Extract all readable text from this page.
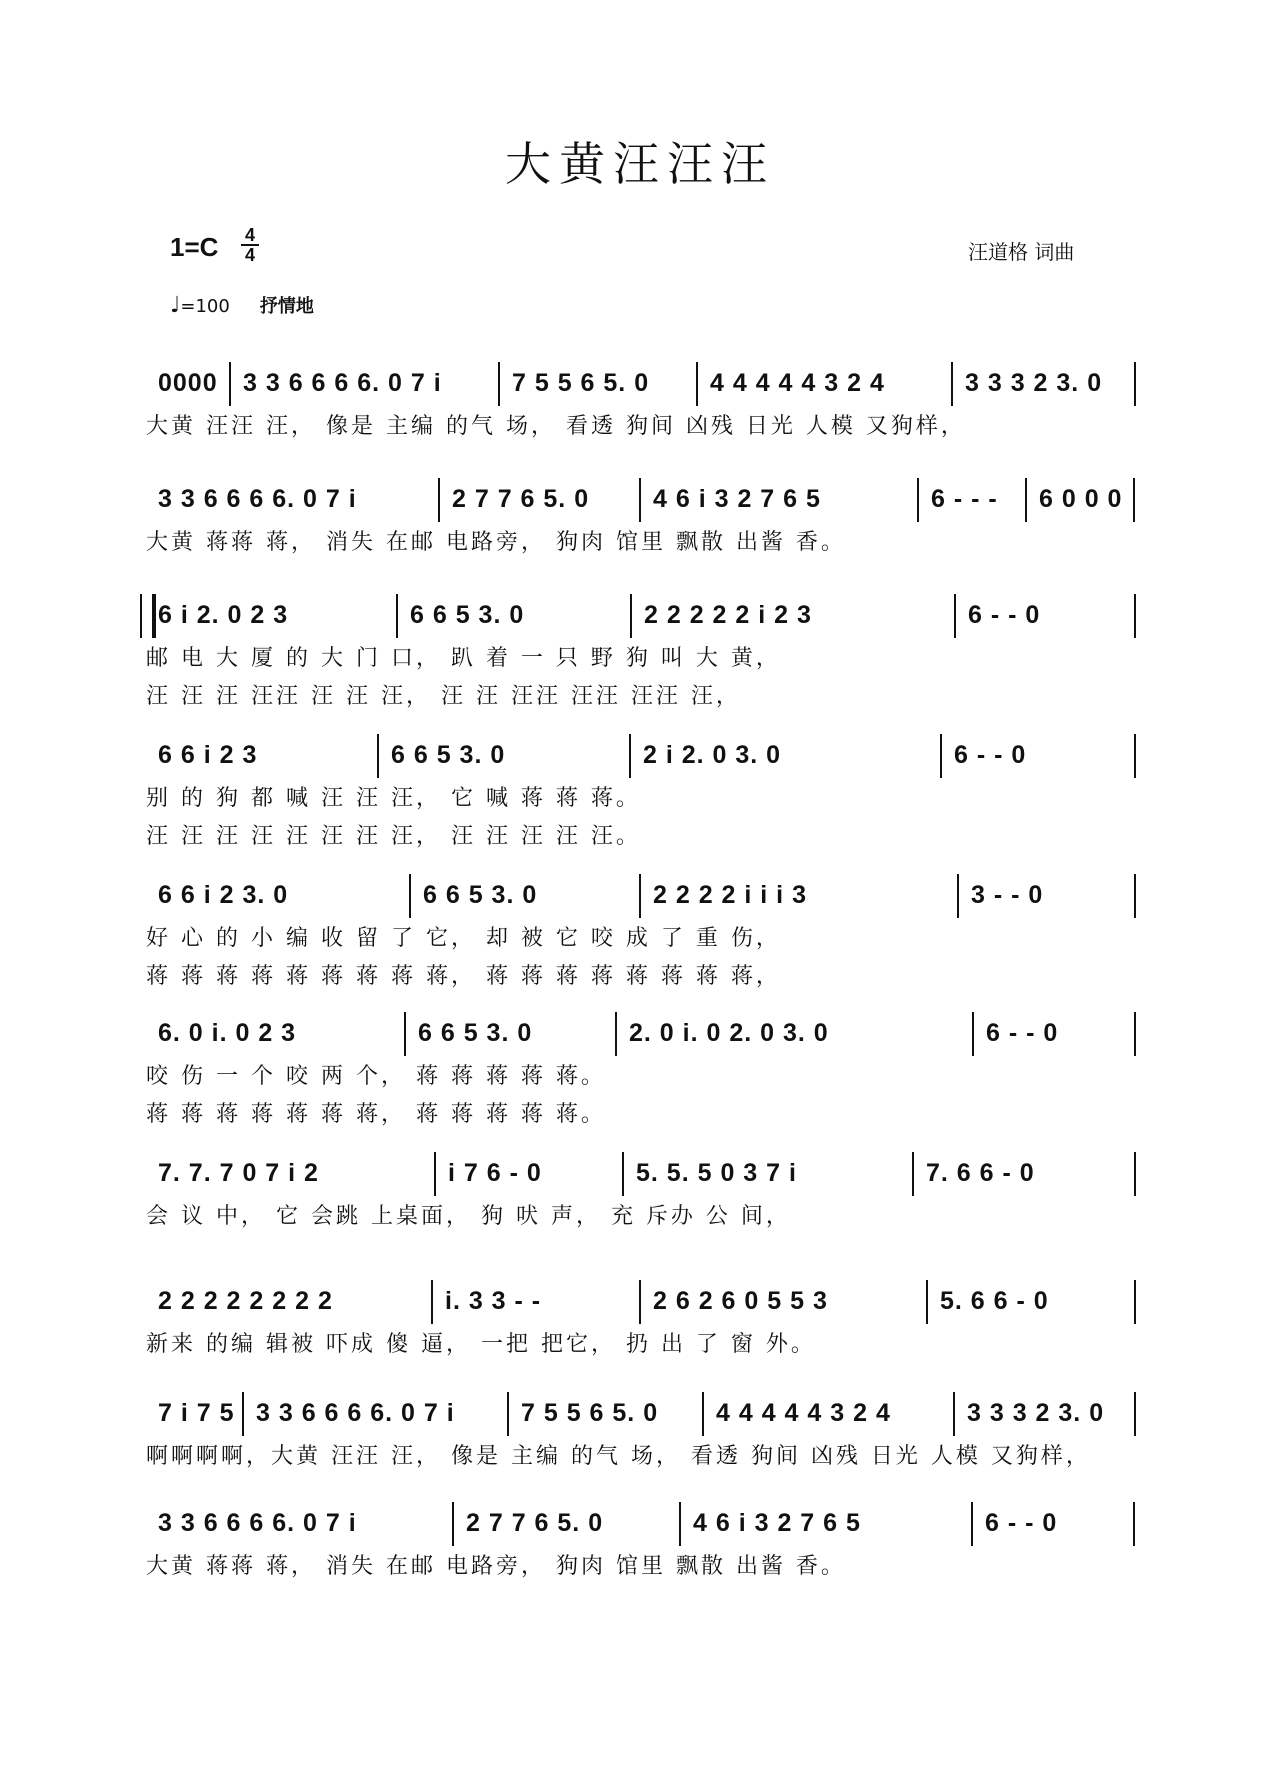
大黄汪汪汪
1=C 4
4	汪道格 词曲
♩=100 抒情地
0000 3 3 6 6 6 6. 0 7 i	7 5 5 6 5. 0 4 4 4 4 4 3 2 4	3 3 3 2 3. 0
大黄 汪汪 汪， 像是 主编 的气 场， 看透 狗间 凶残 日光 人模 又狗样，
3 3 6 6 6 6. 0 7 i	2 7 7 6 5. 0	4 6 i 3 2 7 6 5	6 - - - 6 0 0 0
大黄 蒋蒋 蒋， 消失 在邮 电路旁， 狗肉 馆里 飘散 出酱 香。
6 i 2. 0 2 3	6 6 5 3. 0	2 2 2 2 2 i 2 3	6 - - 0
邮 电 大 厦 的 大 门 口， 趴 着 一 只 野 狗 叫 大 黄，
汪 汪 汪 汪汪 汪 汪 汪， 汪 汪 汪汪 汪汪 汪汪 汪，
6 6 i 2 3	6 6 5 3. 0	2 i 2. 0 3. 0	6 - - 0
别 的 狗 都 喊 汪 汪 汪， 它 喊 蒋 蒋 蒋。
汪 汪 汪 汪 汪 汪 汪 汪， 汪 汪 汪 汪 汪。
6 6 i 2 3. 0	6 6 5 3. 0	2 2 2 2 i i i 3	3 - - 0
好 心 的 小 编 收 留 了 它， 却 被 它 咬 成 了 重 伤，
蒋 蒋 蒋 蒋 蒋 蒋 蒋 蒋 蒋， 蒋 蒋 蒋 蒋 蒋 蒋 蒋 蒋，
6. 0 i. 0 2 3	6 6 5 3. 0	2. 0 i. 0 2. 0 3. 0	6 - - 0
咬 伤 一 个 咬 两 个， 蒋 蒋 蒋 蒋 蒋。
蒋 蒋 蒋 蒋 蒋 蒋 蒋， 蒋 蒋 蒋 蒋 蒋。
7. 7. 7 0 7 i 2	i 7 6 - 0	5. 5. 5 0 3 7 i	7. 6 6 - 0
会 议 中， 它 会跳 上桌面， 狗 吠 声， 充 斥办 公 间，
2 2 2 2 2 2 2 2	i. 3 3 - -	2 6 2 6 0 5 5 3	5. 6 6 - 0
新来 的编 辑被 吓成 傻 逼， 一把 把它， 扔 出 了 窗 外。
7 i 7 5 3 3 6 6 6 6. 0 7 i	7 5 5 6 5. 0 4 4 4 4 4 3 2 4	3 3 3 2 3. 0
啊啊啊啊，大黄 汪汪 汪， 像是 主编 的气 场， 看透 狗间 凶残 日光 人模 又狗样，
3 3 6 6 6 6. 0 7 i	2 7 7 6 5. 0	4 6 i 3 2 7 6 5	6 - - 0
大黄 蒋蒋 蒋， 消失 在邮 电路旁， 狗肉 馆里 飘散 出酱 香。
